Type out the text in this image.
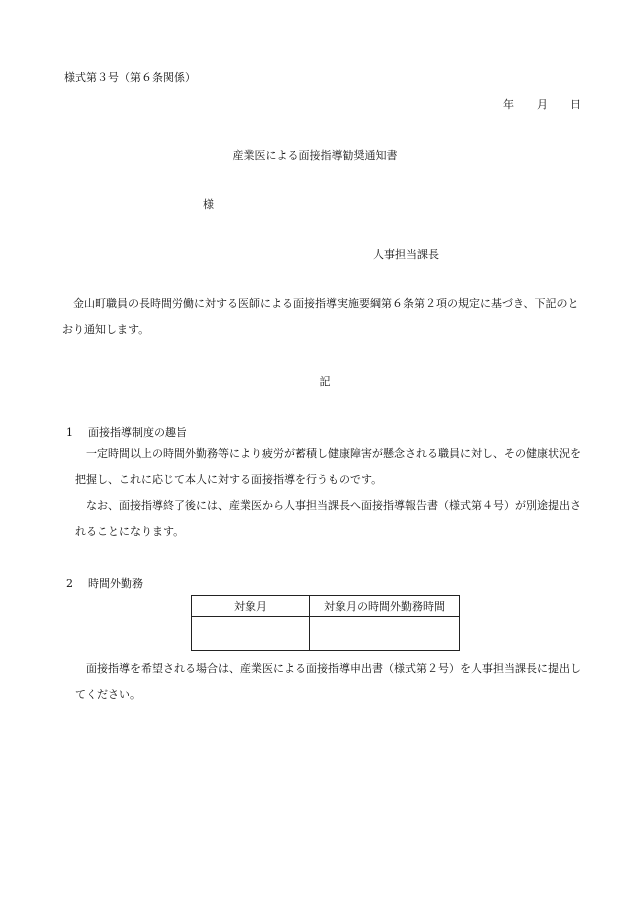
様式第３号（第６条関係）
年 月 日
産業医による面接指導勧奨通知書
様
人事担当課長
金山町職員の長時間労働に対する医師による面接指導実施要綱第６条第２項の規定に基づき、下記のとおり通知します。
記
1 面接指導制度の趣旨
一定時間以上の時間外勤務等により疲労が蓄積し健康障害が懸念される職員に対し、その健康状況を把握し、これに応じて本人に対する面接指導を行うものです。
なお、面接指導終了後には、産業医から人事担当課長へ面接指導報告書（様式第４号）が別途提出されることになります。
2 時間外勤務
対象月	対象月の時間外勤務時間

面接指導を希望される場合は、産業医による面接指導申出書（様式第２号）を人事担当課長に提出してください。
